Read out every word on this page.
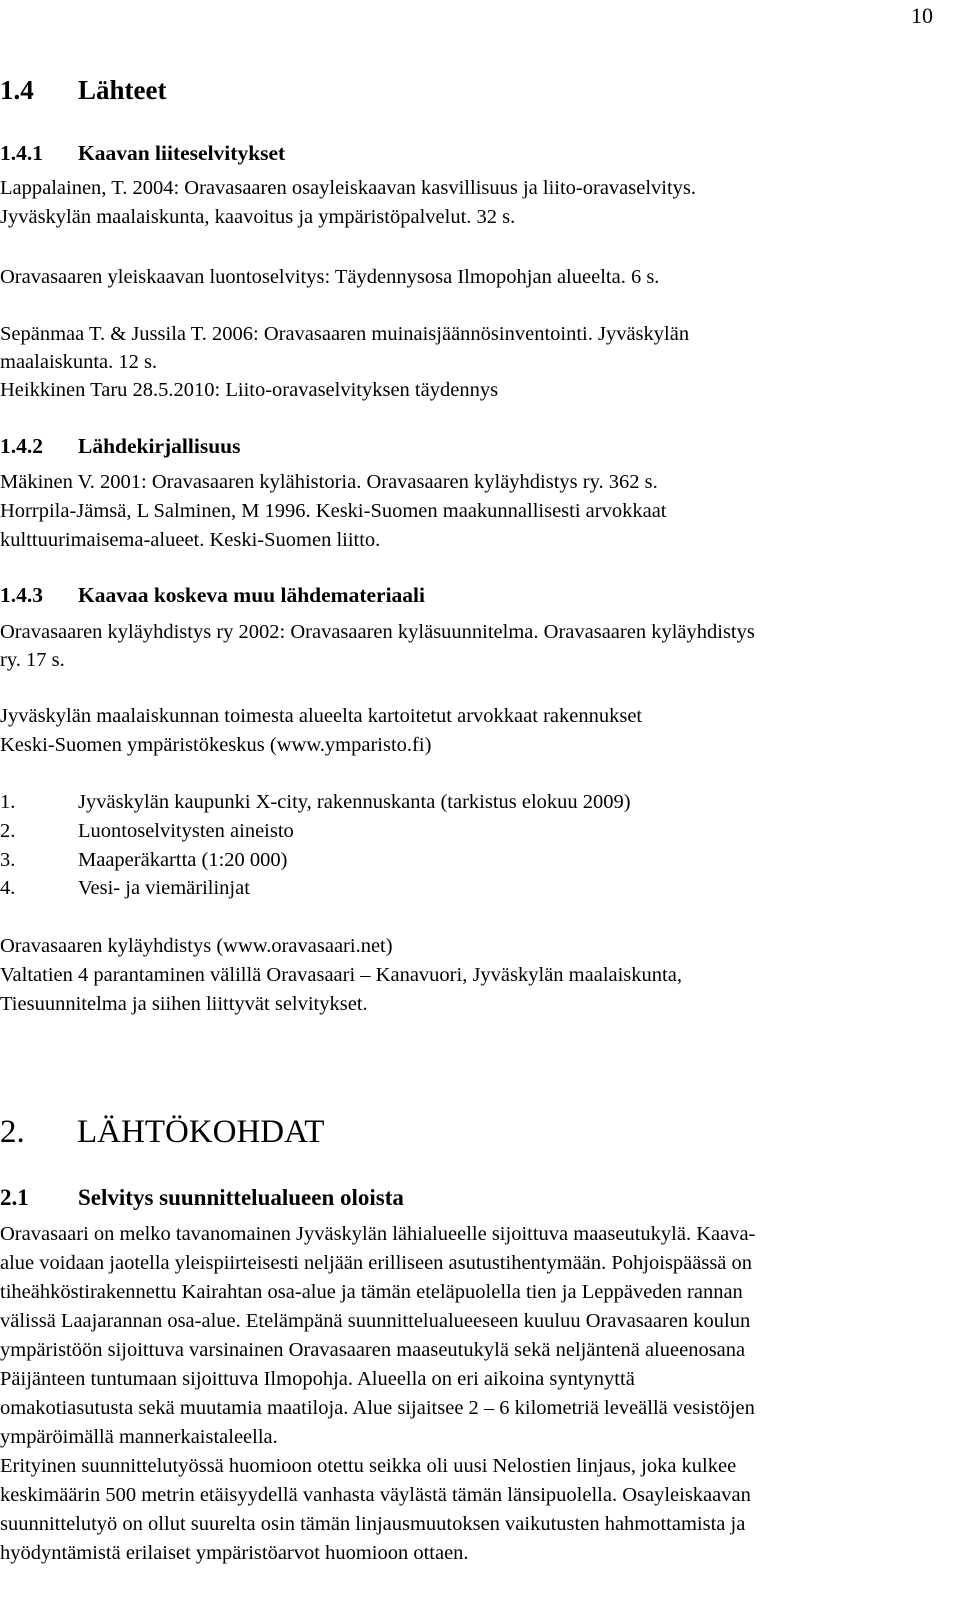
10
1.4 Lähteet
1.4.1 Kaavan liiteselvitykset
Lappalainen, T. 2004: Oravasaaren osayleiskaavan kasvillisuus ja liito-oravaselvitys.
Jyväskylän maalaiskunta, kaavoitus ja ympäristöpalvelut. 32 s.
Oravasaaren yleiskaavan luontoselvitys: Täydennysosa Ilmopohjan alueelta. 6 s.
Sepänmaa T. & Jussila T. 2006: Oravasaaren muinaisjäännösinventointi. Jyväskylän
maalaiskunta. 12 s.
Heikkinen Taru 28.5.2010: Liito-oravaselvityksen täydennys
1.4.2 Lähdekirjallisuus
Mäkinen V. 2001: Oravasaaren kylähistoria. Oravasaaren kyläyhdistys ry. 362 s.
Horrpila-Jämsä, L Salminen, M 1996. Keski-Suomen maakunnallisesti arvokkaat
kulttuurimaisema-alueet. Keski-Suomen liitto.
1.4.3 Kaavaa koskeva muu lähdemateriaali
Oravasaaren kyläyhdistys ry 2002: Oravasaaren kyläsuunnitelma. Oravasaaren kyläyhdistys
ry. 17 s.
Jyväskylän maalaiskunnan toimesta alueelta kartoitetut arvokkaat rakennukset
Keski-Suomen ympäristökeskus (www.ymparisto.fi)
1.	Jyväskylän kaupunki X-city, rakennuskanta (tarkistus elokuu 2009)
2.	Luontoselvitysten aineisto
3.	Maaperäkartta (1:20 000)
4.	Vesi- ja viemärilinjat
Oravasaaren kyläyhdistys (www.oravasaari.net)
Valtatien 4 parantaminen välillä Oravasaari – Kanavuori, Jyväskylän maalaiskunta,
Tiesuunnitelma ja siihen liittyvät selvitykset.
2. LÄHTÖKOHDAT
2.1 Selvitys suunnittelualueen oloista
Oravasaari on melko tavanomainen Jyväskylän lähialueelle sijoittuva maaseutukylä. Kaava-
alue voidaan jaotella yleispiirteisesti neljään erilliseen asutustihentymään. Pohjoispäässä on
tiheähköstirakennettu Kairahtan osa-alue ja tämän eteläpuolella tien ja Leppäveden rannan
välissä Laajarannan osa-alue. Etelämpänä suunnittelualueeseen kuuluu Oravasaaren koulun
ympäristöön sijoittuva varsinainen Oravasaaren maaseutukylä sekä neljäntenä alueenosana
Päijänteen tuntumaan sijoittuva Ilmopohja. Alueella on eri aikoina syntynyttä
omakotiasutusta sekä muutamia maatiloja. Alue sijaitsee 2 – 6 kilometriä leveällä vesistöjen
ympäröimällä mannerkaistaleella.
Erityinen suunnittelutyössä huomioon otettu seikka oli uusi Nelostien linjaus, joka kulkee
keskimäärin 500 metrin etäisyydellä vanhasta väylästä tämän länsipuolella. Osayleiskaavan
suunnittelutyö on ollut suurelta osin tämän linjausmuutoksen vaikutusten hahmottamista ja
hyödyntämistä erilaiset ympäristöarvot huomioon ottaen.
